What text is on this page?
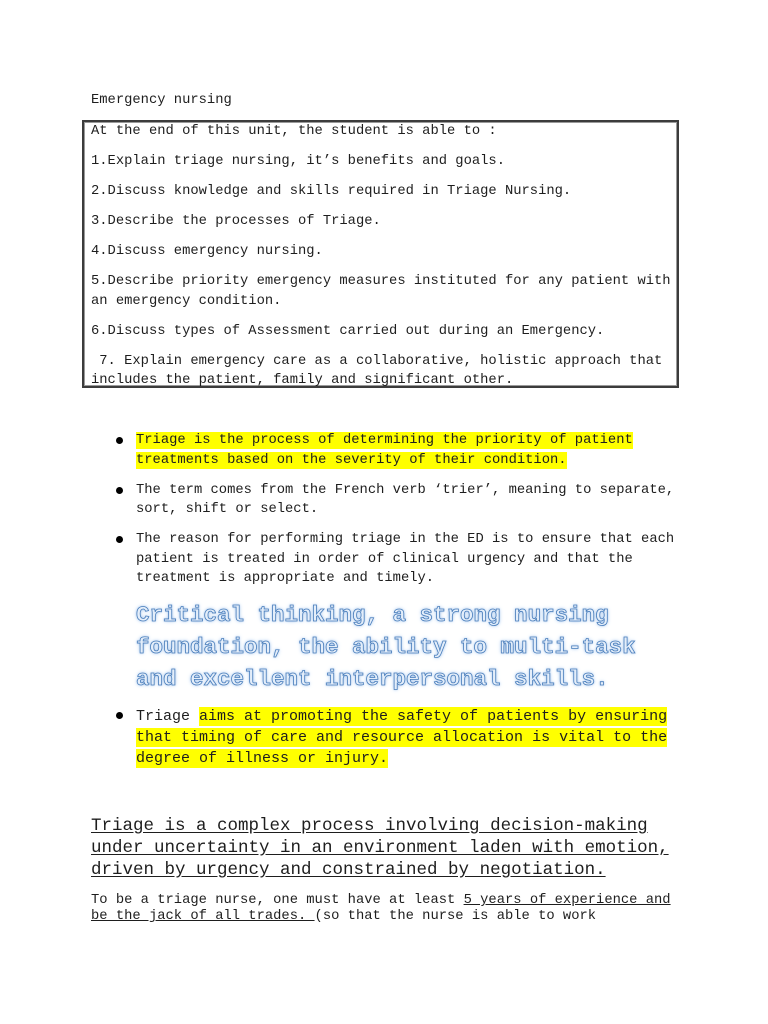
Emergency nursing

At the end of this unit, the student is able to :

1.Explain triage nursing, it’s benefits and goals.

2.Discuss knowledge and skills required in Triage Nursing.

3.Describe the processes of Triage.

4.Discuss emergency nursing.

5.Describe priority emergency measures instituted for any patient with an emergency condition.

6.Discuss types of Assessment carried out during an Emergency.

7. Explain emergency care as a collaborative, holistic approach that includes the patient, family and significant other.

Triage is the process of determining the priority of patient treatments based on the severity of their condition.
The term comes from the French verb ‘trier’, meaning to separate, sort, shift or select.
The reason for performing triage in the ED is to ensure that each patient is treated in order of clinical urgency and that the treatment is appropriate and timely.
Critical thinking, a strong nursing foundation, the ability to multi-task and excellent interpersonal skills.
Triage aims at promoting the safety of patients by ensuring that timing of care and resource allocation is vital to the degree of illness or injury.

Triage is a complex process involving decision-making under uncertainty in an environment laden with emotion, driven by urgency and constrained by negotiation.

To be a triage nurse, one must have at least 5 years of experience and be the jack of all trades. (so that the nurse is able to work
